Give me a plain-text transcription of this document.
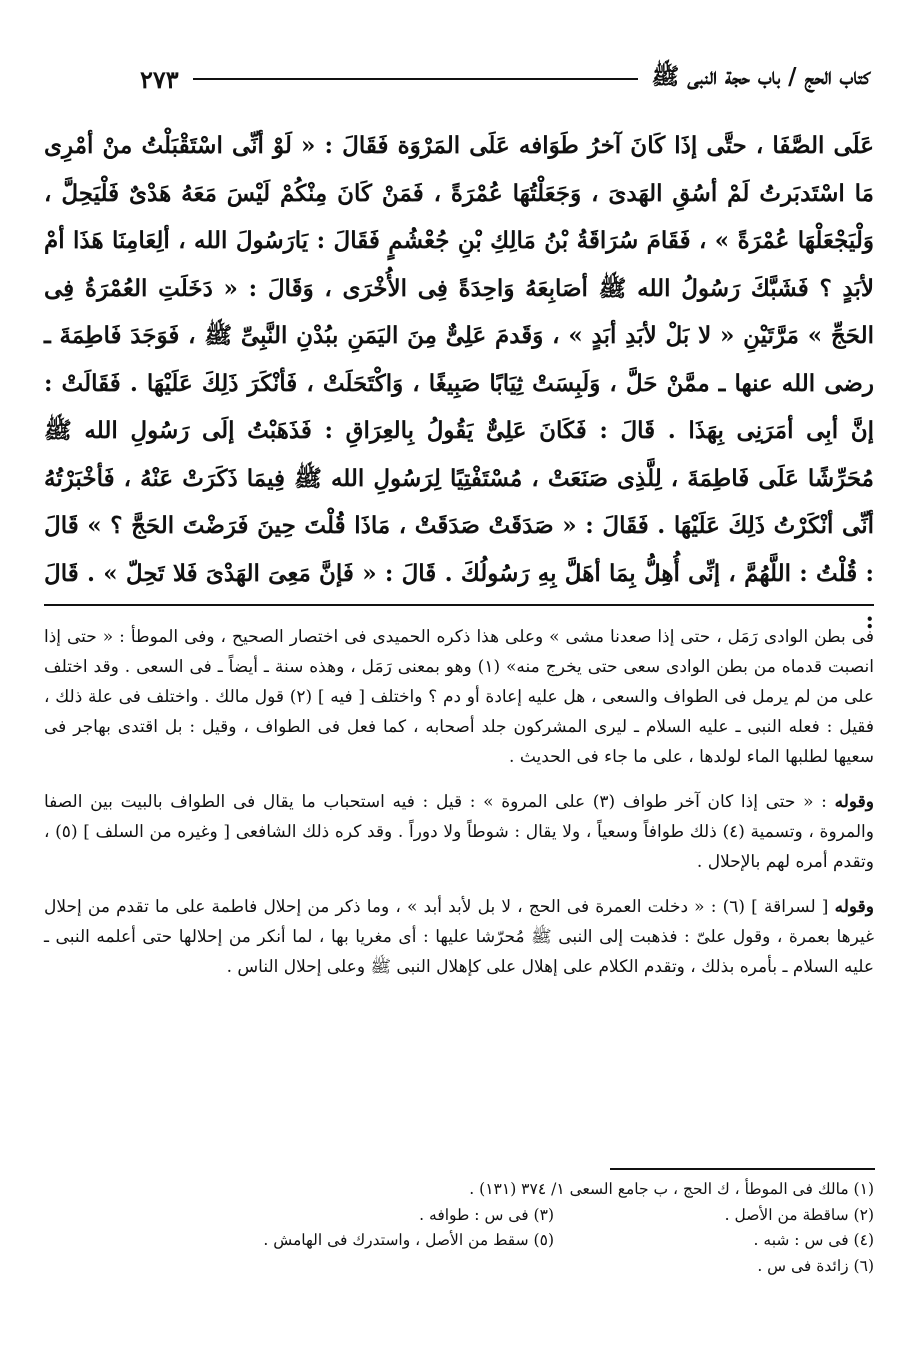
كتاب الحج / باب حجة النبى ﷺ
٢٧٣

عَلَى الصَّفَا ، حتَّى إذَا كَانَ آخرُ طَوَافه عَلَى المَرْوَة فَقَالَ : « لَوْ أنِّى اسْتَقْبَلْتُ منْ أمْرِى مَا اسْتَدبَرتُ لَمْ أسُقِ الهَدىَ ، وَجَعَلْتُهَا عُمْرَةً ، فَمَنْ كَانَ مِنْكُمْ لَيْسَ مَعَهُ هَدْىٌ فَلْيَحِلَّ ، وَلْيَجْعَلْهَا عُمْرَةً » ، فَقَامَ سُرَاقَةُ بْنُ مَالِكِ بْنِ جُعْشُمٍ فَقَالَ : يَارَسُولَ الله ، ألِعَامِنَا هَذَا أمْ لأبَدٍ ؟ فَشَبَّكَ رَسُولُ الله ﷺ أصَابِعَهُ وَاحِدَةً فِى الأُخْرَى ، وَقَالَ : « دَخَلَتِ العُمْرَةُ فِى الحَجِّ » مَرَّتَيْنِ « لا بَلْ لأبَدِ أبَدٍ » ، وَقَدمَ عَلِىٌّ مِنَ اليَمَنِ ببُدْنِ النَّبِىِّ ﷺ ، فَوَجَدَ فَاطِمَةَ ـ رضى الله عنها ـ ممَّنْ حَلَّ ، وَلَبِسَتْ ثِيَابًا صَبِيغًا ، وَاكْتَحَلَتْ ، فَأنْكَرَ ذَلِكَ عَلَيْهَا . فَقَالَتْ : إنَّ أبِى أمَرَنِى بِهَذَا . قَالَ : فَكَانَ عَلِىٌّ يَقُولُ بِالعِرَاقِ : فَذَهَبْتُ إلَى رَسُولِ الله ﷺ مُحَرِّشًا عَلَى فَاطِمَةَ ، لِلَّذِى صَنَعَتْ ، مُسْتَفْتِيًا لِرَسُولِ الله ﷺ فِيمَا ذَكَرَتْ عَنْهُ ، فَأخْبَرْتُهُ أنِّى أنْكَرْتُ ذَلِكَ عَلَيْهَا . فَقَالَ : « صَدَقَتْ صَدَقَتْ ، مَاذَا قُلْتَ حِينَ فَرَضْتَ الحَجَّ ؟ » قَالَ : قُلْتُ : اللَّهُمَّ ، إنِّى أُهِلُّ بِمَا أهَلَّ بِهِ رَسُولُكَ . قَالَ : « فَإنَّ مَعِىَ الهَدْىَ فَلا تَحِلّ » . قَالَ :

فى بطن الوادى رَمَل ، حتى إذا صعدنا مشى » وعلى هذا ذكره الحميدى فى اختصار الصحيح ، وفى الموطأ : « حتى إذا انصبت قدماه من بطن الوادى سعى حتى يخرج منه» (١) وهو بمعنى رَمَل ، وهذه سنة ـ أيضاً ـ فى السعى . وقد اختلف على من لم يرمل فى الطواف والسعى ، هل عليه إعادة أو دم ؟ واختلف [ فيه ] (٢) قول مالك . واختلف فى علة ذلك ، فقيل : فعله النبى ـ عليه السلام ـ ليرى المشركون جلد أصحابه ، كما فعل فى الطواف ، وقيل : بل اقتدى بهاجر فى سعيها لطلبها الماء لولدها ، على ما جاء فى الحديث .

وقوله : « حتى إذا كان آخر طواف (٣) على المروة » : قيل : فيه استحباب ما يقال فى الطواف بالبيت بين الصفا والمروة ، وتسمية (٤) ذلك طوافاً وسعياً ، ولا يقال : شوطاً ولا دوراً . وقد كره ذلك الشافعى [ وغيره من السلف ] (٥) ، وتقدم أمره لهم بالإحلال .

وقوله [ لسراقة ] (٦) : « دخلت العمرة فى الحج ، لا بل لأبد أبد » ، وما ذكر من إحلال فاطمة على ما تقدم من إحلال غيرها بعمرة ، وقول علىّ : فذهبت إلى النبى ﷺ مُحرّشا عليها : أى مغريا بها ، لما أنكر من إحلالها حتى أعلمه النبى ـ عليه السلام ـ بأمره بذلك ، وتقدم الكلام على إهلال على كإهلال النبى ﷺ وعلى إحلال الناس .

(١) مالك فى الموطأ ، ك الحج ، ب جامع السعى ١/ ٣٧٤ (١٣١) .
(٢) ساقطة من الأصل .
(٣) فى س : طوافه .
(٤) فى س : شبه .
(٥) سقط من الأصل ، واستدرك فى الهامش .
(٦) زائدة فى س .
